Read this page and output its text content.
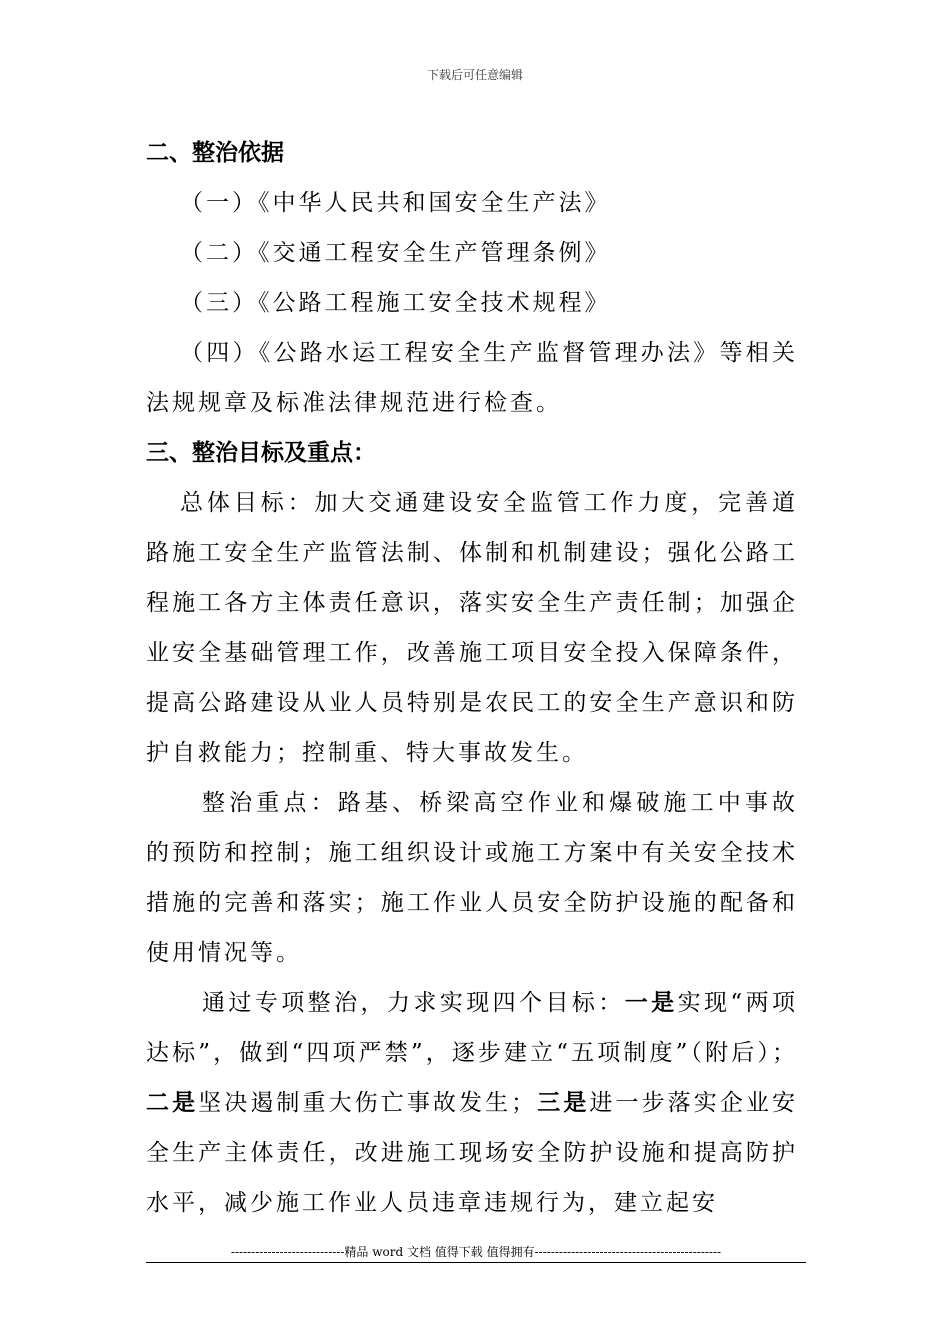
下载后可任意编辑
二、整治依据

（一）《中华人民共和国安全生产法》

（二）《交通工程安全生产管理条例》

（三）《公路工程施工安全技术规程》

（四）《公路水运工程安全生产监督管理办法》等相关法规规章及标准法律规范进行检查。

三、整治目标及重点：

总体目标：加大交通建设安全监管工作力度，完善道路施工安全生产监管法制、体制和机制建设；强化公路工程施工各方主体责任意识，落实安全生产责任制；加强企业安全基础管理工作，改善施工项目安全投入保障条件，提高公路建设从业人员特别是农民工的安全生产意识和防护自救能力；控制重、特大事故发生。

整治重点：路基、桥梁高空作业和爆破施工中事故的预防和控制；施工组织设计或施工方案中有关安全技术措施的完善和落实；施工作业人员安全防护设施的配备和使用情况等。

通过专项整治，力求实现四个目标：一是实现“两项达标”，做到“四项严禁”，逐步建立“五项制度”（附后）；二是坚决遏制重大伤亡事故发生；三是进一步落实企业安全生产主体责任，改进施工现场安全防护设施和提高防护水平，减少施工作业人员违章违规行为，建立起安

----------------------------精品 word 文档 值得下载 值得拥有----------------------------------------------
